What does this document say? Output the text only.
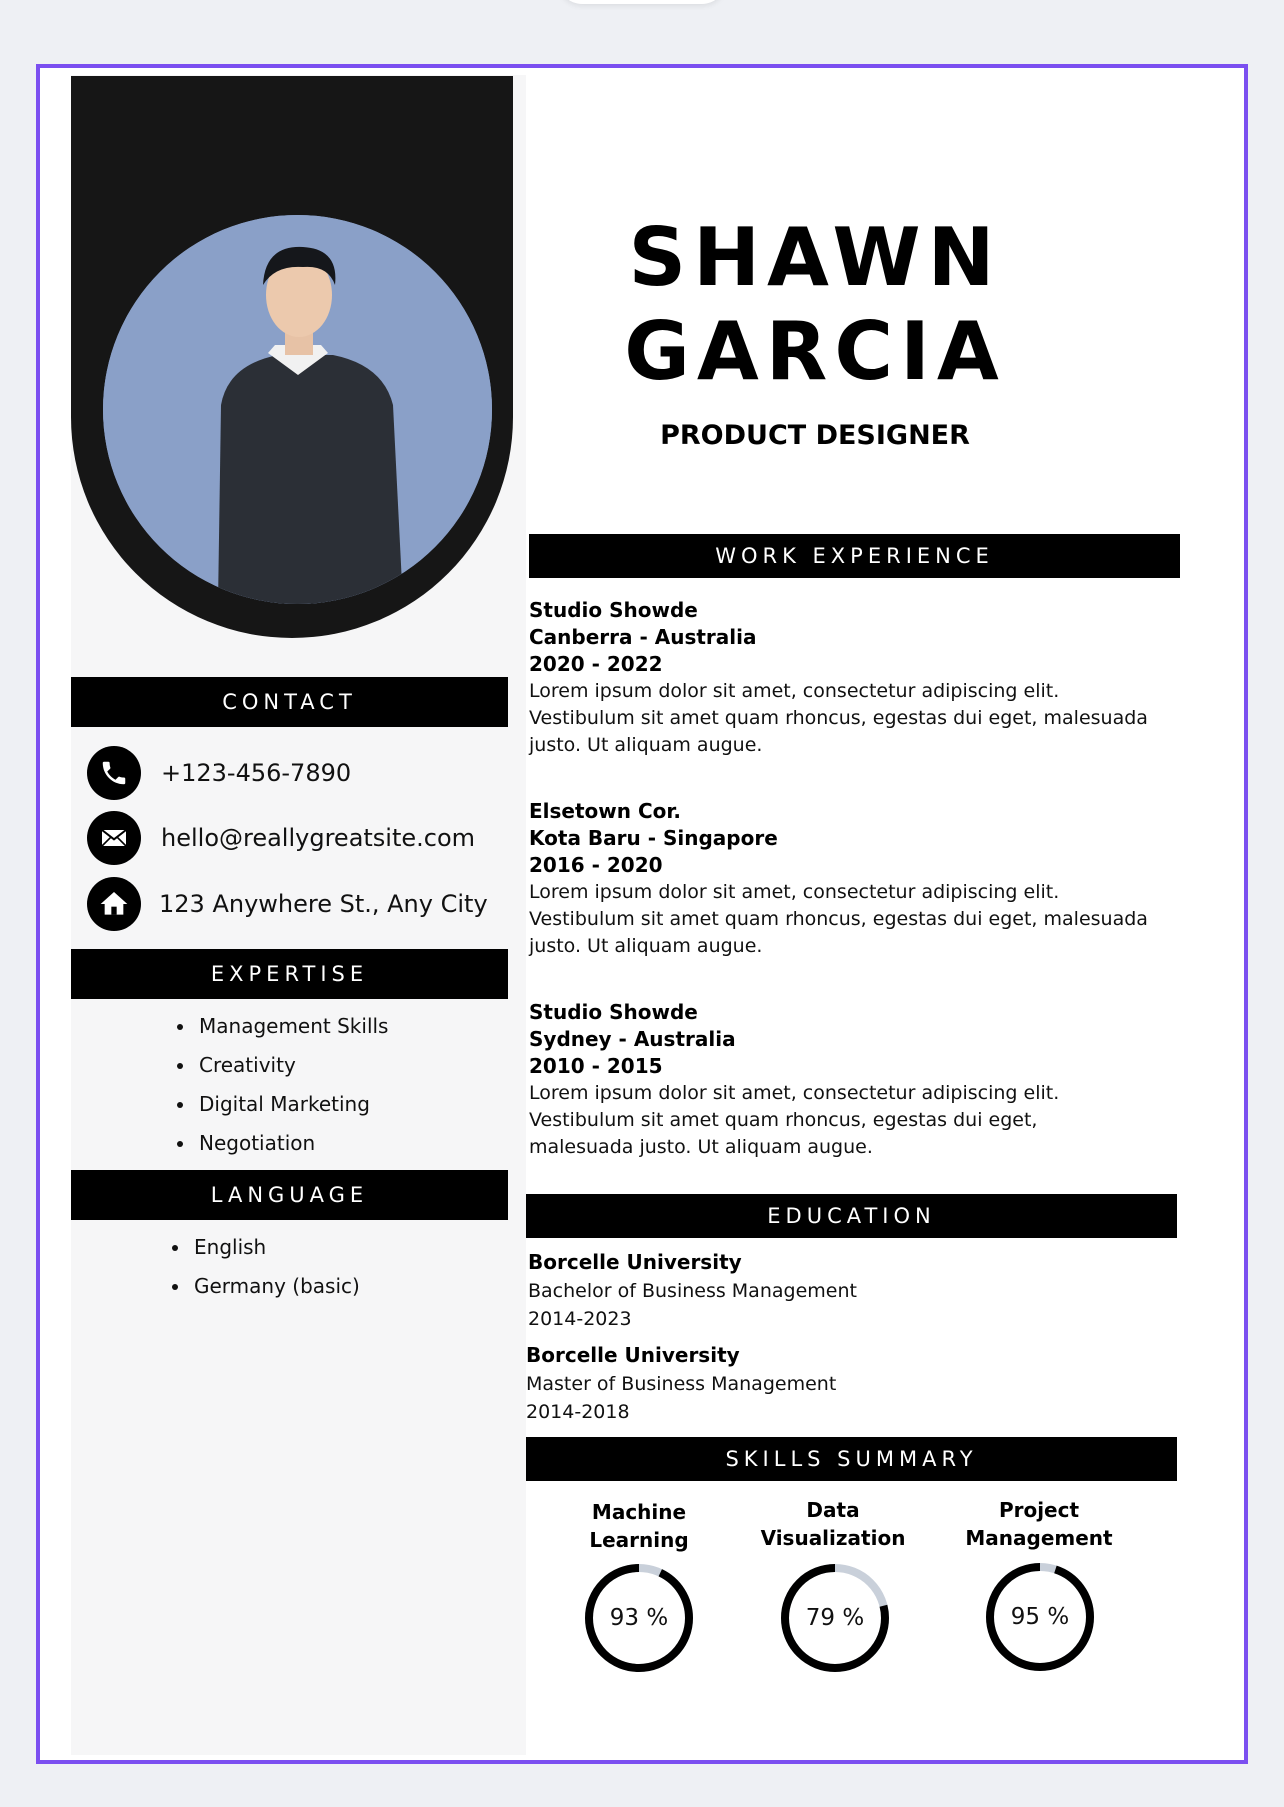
CONTACT
+123-456-7890
hello@reallygreatsite.com
123 Anywhere St., Any City
EXPERTISE
Management Skills
Creativity
Digital Marketing
Negotiation
LANGUAGE
English
Germany (basic)
SHAWN
GARCIA
PRODUCT DESIGNER
WORK EXPERIENCE
Studio Showde
Canberra - Australia
2020 - 2022
Lorem ipsum dolor sit amet, consectetur adipiscing elit.
Vestibulum sit amet quam rhoncus, egestas dui eget, malesuada
justo. Ut aliquam augue.
Elsetown Cor.
Kota Baru - Singapore
2016 - 2020
Lorem ipsum dolor sit amet, consectetur adipiscing elit.
Vestibulum sit amet quam rhoncus, egestas dui eget, malesuada
justo. Ut aliquam augue.
Studio Showde
Sydney - Australia
2010 - 2015
Lorem ipsum dolor sit amet, consectetur adipiscing elit.
Vestibulum sit amet quam rhoncus, egestas dui eget,
malesuada justo. Ut aliquam augue.
EDUCATION
Borcelle University
Bachelor of Business Management
2014-2023
Borcelle University
Master of Business Management
2014-2018
SKILLS SUMMARY
Machine
Learning
93 %
Data
Visualization
79 %
Project
Management
95 %
